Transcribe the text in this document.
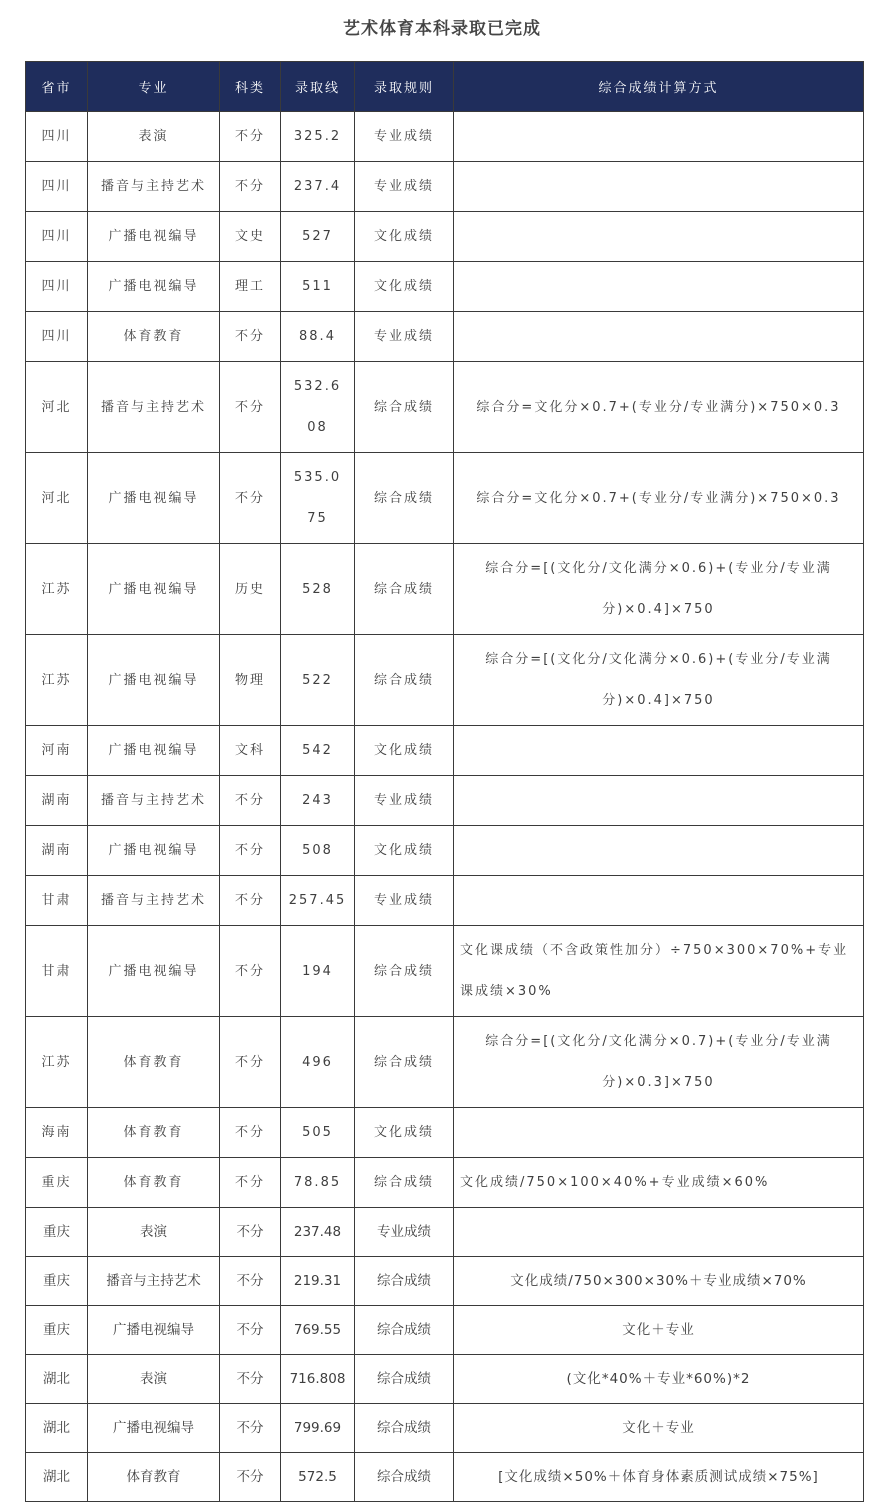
艺术体育本科录取已完成
省市	专业	科类	录取线	录取规则	综合成绩计算方式
四川	表演	不分	325.2	专业成绩	
四川	播音与主持艺术	不分	237.4	专业成绩	
四川	广播电视编导	文史	527	文化成绩	
四川	广播电视编导	理工	511	文化成绩	
四川	体育教育	不分	88.4	专业成绩	
河北	播音与主持艺术	不分	532.608	综合成绩	综合分=文化分×0.7+(专业分/专业满分)×750×0.3
河北	广播电视编导	不分	535.075	综合成绩	综合分=文化分×0.7+(专业分/专业满分)×750×0.3
江苏	广播电视编导	历史	528	综合成绩	综合分=[(文化分/文化满分×0.6)+(专业分/专业满分)×0.4]×750
江苏	广播电视编导	物理	522	综合成绩	综合分=[(文化分/文化满分×0.6)+(专业分/专业满分)×0.4]×750
河南	广播电视编导	文科	542	文化成绩	
湖南	播音与主持艺术	不分	243	专业成绩	
湖南	广播电视编导	不分	508	文化成绩	
甘肃	播音与主持艺术	不分	257.45	专业成绩	
甘肃	广播电视编导	不分	194	综合成绩	文化课成绩（不含政策性加分）÷750×300×70%+专业课成绩×30%
江苏	体育教育	不分	496	综合成绩	综合分=[(文化分/文化满分×0.7)+(专业分/专业满分)×0.3]×750
海南	体育教育	不分	505	文化成绩	
重庆	体育教育	不分	78.85	综合成绩	文化成绩/750×100×40%+专业成绩×60%
重庆	表演	不分	237.48	专业成绩	
重庆	播音与主持艺术	不分	219.31	综合成绩	文化成绩/750×300×30%＋专业成绩×70%
重庆	广播电视编导	不分	769.55	综合成绩	文化＋专业
湖北	表演	不分	716.808	综合成绩	(文化*40%＋专业*60%)*2
湖北	广播电视编导	不分	799.69	综合成绩	文化＋专业
湖北	体育教育	不分	572.5	综合成绩	[文化成绩×50%＋体育身体素质测试成绩×75%]
